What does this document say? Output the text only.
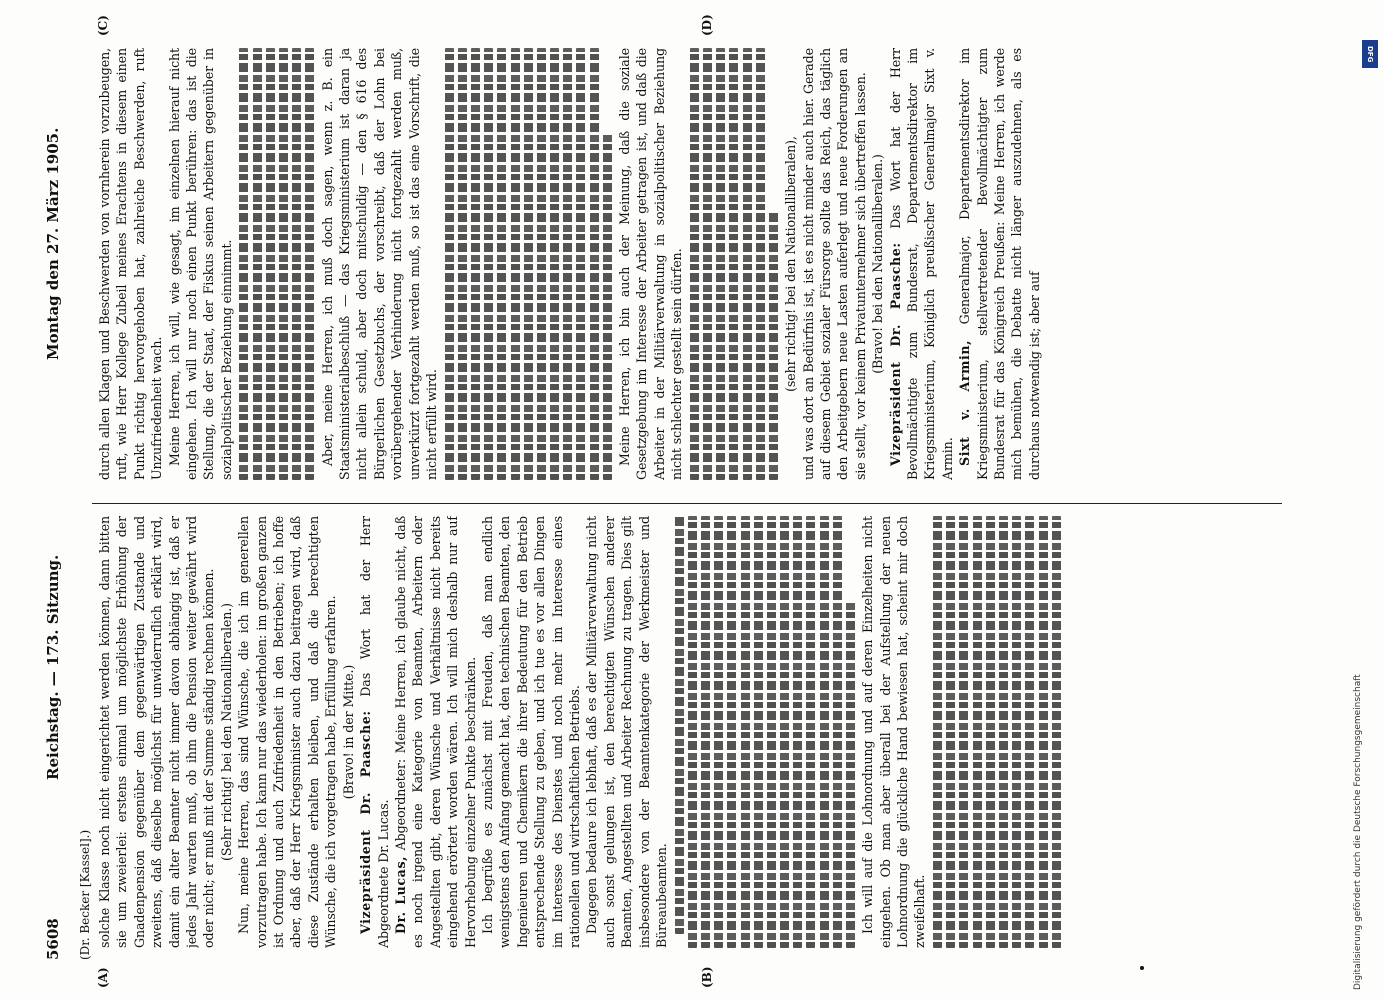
5608
Reichstag. — 173. Sitzung.
Montag den 27. März 1905.
(Dr. Becker [Kassel].)
(A)	(B)
(C)	(D)

solche Klasse noch nicht eingerichtet werden können, dann bitten sie um zweierlei: erstens einmal um möglichste Erhöhung der Gnadenpension gegenüber dem gegenwärtigen Zustande und zweitens, daß dieselbe möglichst für unwiderruflich erklärt wird, damit ein alter Beamter nicht immer davon abhängig ist, daß er jedes Jahr warten muß, ob ihm die Pension weiter gewährt wird oder nicht; er muß mit der Summe ständig rechnen können. (Sehr richtig! bei den Nationalliberalen.) Nun, meine Herren, das sind Wünsche, die ich im generellen vorzutragen habe. Ich kann nur das wiederholen: im großen ganzen ist Ordnung und auch Zufriedenheit in den Betrieben; ich hoffe aber, daß der Herr Kriegsminister auch dazu beitragen wird, daß diese Zustände erhalten bleiben, und daß die berechtigten Wünsche, die ich vorgetragen habe, Erfüllung erfahren. (Bravo! in der Mitte.) Vizepräsident Dr. Paasche: Das Wort hat der Herr Abgeordnete Dr. Lucas. Dr. Lucas, Abgeordneter: Meine Herren, ich glaube nicht, daß es noch irgend eine Kategorie von Beamten, Arbeitern oder Angestellten gibt, deren Wünsche und Verhältnisse nicht bereits eingehend erörtert worden wären. Ich will mich deshalb nur auf Hervorhebung einzelner Punkte beschränken. Ich begrüße es zunächst mit Freuden, daß man endlich wenigstens den Anfang gemacht hat, den technischen Beamten, den Ingenieuren und Chemikern die ihrer Bedeutung für den Betrieb entsprechende Stellung zu geben, und ich tue es vor allen Dingen im Interesse des Dienstes und noch mehr im Interesse eines rationellen und wirtschaftlichen Betriebs. Dagegen bedaure ich lebhaft, daß es der Militärverwaltung nicht auch sonst gelungen ist, den berechtigten Wünschen anderer Beamten, Angestellten und Arbeiter Rechnung zu tragen. Dies gilt insbesondere von der Beamtenkategorie der Werkmeister und Büreaubeamten.	Ich will auf die Lohnordnung und auf deren Einzelheiten nicht eingehen. Ob man aber überall bei der Aufstellung der neuen Lohnordnung die glückliche Hand bewiesen hat, scheint mir doch zweifelhaft.

durch allen Klagen und Beschwerden von vornherein vorzubeugen, ruft, wie Herr Kollege Zubeil meines Erachtens in diesem einen Punkt richtig hervorgehoben hat, zahlreiche Beschwerden, ruft Unzufriedenheit wach. Meine Herren, ich will, wie gesagt, im einzelnen hierauf nicht eingehen. Ich will nur noch einen Punkt berühren: das ist die Stellung, die der Staat, der Fiskus seinen Arbeitern gegenüber in sozialpolitischer Beziehung einnimmt.	Aber, meine Herren, ich muß doch sagen, wenn z. B. ein Staatsministerialbeschluß — das Kriegsministerium ist daran ja nicht allein schuld, aber doch mitschuldig — den § 616 des Bürgerlichen Gesetzbuchs, der vorschreibt, daß der Lohn bei vorübergehender Verhinderung nicht fortgezahlt werden muß, unverkürzt fortgezahlt werden muß, so ist das eine Vorschrift, die nicht erfüllt wird.	Meine Herren, ich bin auch der Meinung, daß die soziale Gesetzgebung im Interesse der Arbeiter getragen ist, und daß die Arbeiter in der Militärverwaltung in sozialpolitischer Beziehung nicht schlechter gestellt sein dürfen.	(sehr richtig! bei den Nationalliberalen), und was dort an Bedürfnis ist, ist es nicht minder auch hier. Gerade auf diesem Gebiet sozialer Fürsorge sollte das Reich, das täglich den Arbeitgebern neue Lasten auferlegt und neue Forderungen an sie stellt, vor keinem Privatunternehmer sich übertreffen lassen. (Bravo! bei den Nationalliberalen.) Vizepräsident Dr. Paasche: Das Wort hat der Herr Bevollmächtigte zum Bundesrat, Departementsdirektor im Kriegsministerium, Königlich preußischer Generalmajor Sixt v. Armin. Sixt v. Armin, Generalmajor, Departementsdirektor im Kriegsministerium, stellvertretender Bevollmächtigter zum Bundesrat für das Königreich Preußen: Meine Herren, ich werde mich bemühen, die Debatte nicht länger auszudehnen, als es durchaus notwendig ist; aber auf

Digitalisierung gefördert durch die Deutsche Forschungsgemeinschaft
DFG
